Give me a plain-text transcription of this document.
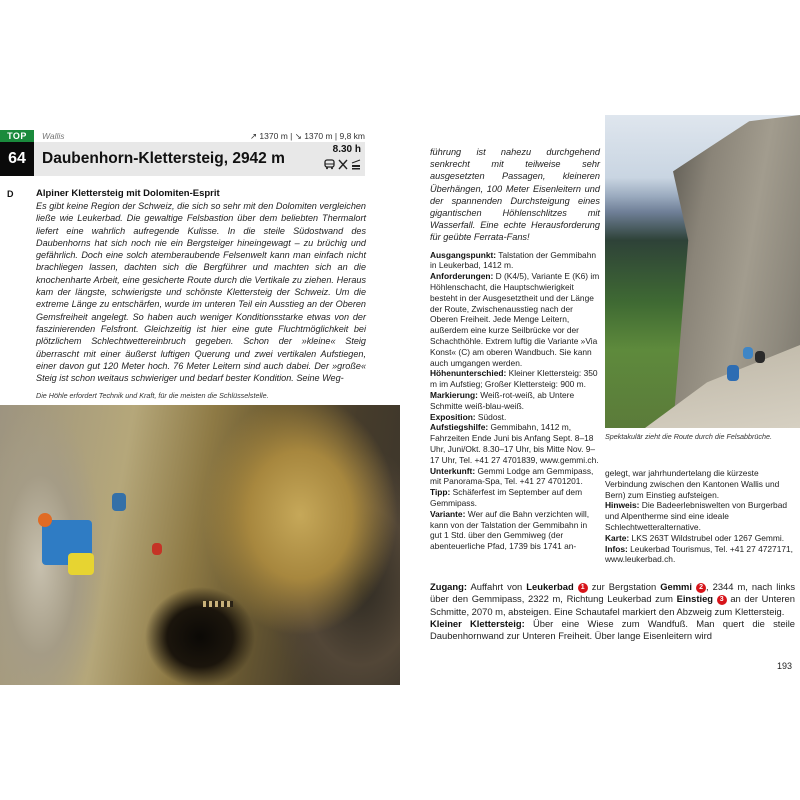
TOP
64
Wallis	↗ 1370 m | ↘ 1370 m | 9,8 km
Daubenhorn-Klettersteig, 2942 m
8.30 h
D Alpiner Klettersteig mit Dolomiten-Esprit
Es gibt keine Region der Schweiz, die sich so sehr mit den Dolomiten vergleichen ließe wie Leukerbad. Die gewaltige Felsbastion über dem beliebten Thermalort liefert eine wahrlich aufregende Kulisse. In die steile Südostwand des Daubenhorns hat sich noch nie ein Bergsteiger hineingewagt – zu brüchig und gefährlich. Doch eine solch atemberaubende Felsenwelt kann man einfach nicht brachliegen lassen, dachten sich die Bergführer und machten sich an die knochenharte Arbeit, eine gesicherte Route durch die Vertikale zu ziehen. Heraus kam der längste, schwierigste und schönste Klettersteig der Schweiz. Um die extreme Länge zu entschärfen, wurde im unteren Teil ein Ausstieg an der Oberen Gemsfreiheit angelegt. So haben auch weniger Konditionsstarke etwas von der faszinierenden Felsfront. Gleichzeitig ist hier eine gute Fluchtmöglichkeit bei plötzlichem Schlechtwettereinbruch gegeben. Schon der »kleine« Steig überrascht mit einer äußerst luftigen Querung und zwei vertikalen Aufstiegen, einer davon gut 120 Meter hoch. 76 Meter Leitern sind auch dabei. Der »große« Steig ist schon weitaus schwieriger und bedarf bester Kondition. Seine Weg-
Die Höhle erfordert Technik und Kraft, für die meisten die Schlüsselstelle.
führung ist nahezu durchgehend senkrecht mit teilweise sehr ausgesetzten Passagen, kleineren Überhängen, 100 Meter Eisenleitern und der spannenden Durchsteigung eines gigantischen Höhlenschlitzes mit Wasserfall. Eine echte Herausforderung für geübte Ferrata-Fans!

Ausgangspunkt: Talstation der Gemmibahn in Leukerbad, 1412 m.

Anforderungen: D (K4/5), Variante E (K6) im Höhlenschacht, die Hauptschwierigkeit besteht in der Ausgesetztheit und der Länge der Route, Zwischenausstieg nach der Oberen Freiheit. Jede Menge Leitern, außerdem eine kurze Seilbrücke vor der Schachthöhle. Extrem luftig die Variante »Via Konst« (C) am oberen Wandbuch. Sie kann auch umgangen werden.

Höhenunterschied: Kleiner Klettersteig: 350 m im Aufstieg; Großer Klettersteig: 900 m.

Markierung: Weiß-rot-weiß, ab Untere Schmitte weiß-blau-weiß.

Exposition: Südost.

Aufstiegshilfe: Gemmibahn, 1412 m, Fahrzeiten Ende Juni bis Anfang Sept. 8–18 Uhr, Juni/Okt. 8.30–17 Uhr, bis Mitte Nov. 9–17 Uhr, Tel. +41 27 4701839, www.gemmi.ch.

Unterkunft: Gemmi Lodge am Gemmipass, mit Panorama-Spa, Tel. +41 27 4701201.

Tipp: Schäferfest im September auf dem Gemmipass.

Variante: Wer auf die Bahn verzichten will, kann von der Talstation der Gemmibahn in gut 1 Std. über den Gemmiweg (der abenteuerliche Pfad, 1739 bis 1741 an-

Spektakulär zieht die Route durch die Felsabbrüche.

gelegt, war jahrhundertelang die kürzeste Verbindung zwischen den Kantonen Wallis und Bern) zum Einstieg aufsteigen.

Hinweis: Die Badeerlebniswelten von Burgerbad und Alpentherme sind eine ideale Schlechtwetteralternative.

Karte: LKS 263T Wildstrubel oder 1267 Gemmi.

Infos: Leukerbad Tourismus, Tel. +41 27 4727171, www.leukerbad.ch.

Zugang: Auffahrt von Leukerbad 1 zur Bergstation Gemmi 2 , 2344 m, nach links über den Gemmipass, 2322 m, Richtung Leukerbad zum Einstieg 3 an der Unteren Schmitte, 2070 m, absteigen. Eine Schautafel markiert den Abzweig zum Klettersteig.

Kleiner Klettersteig: Über eine Wiese zum Wandfuß. Man quert die steile Daubenhornwand zur Unteren Freiheit. Über lange Eisenleitern wird

193
